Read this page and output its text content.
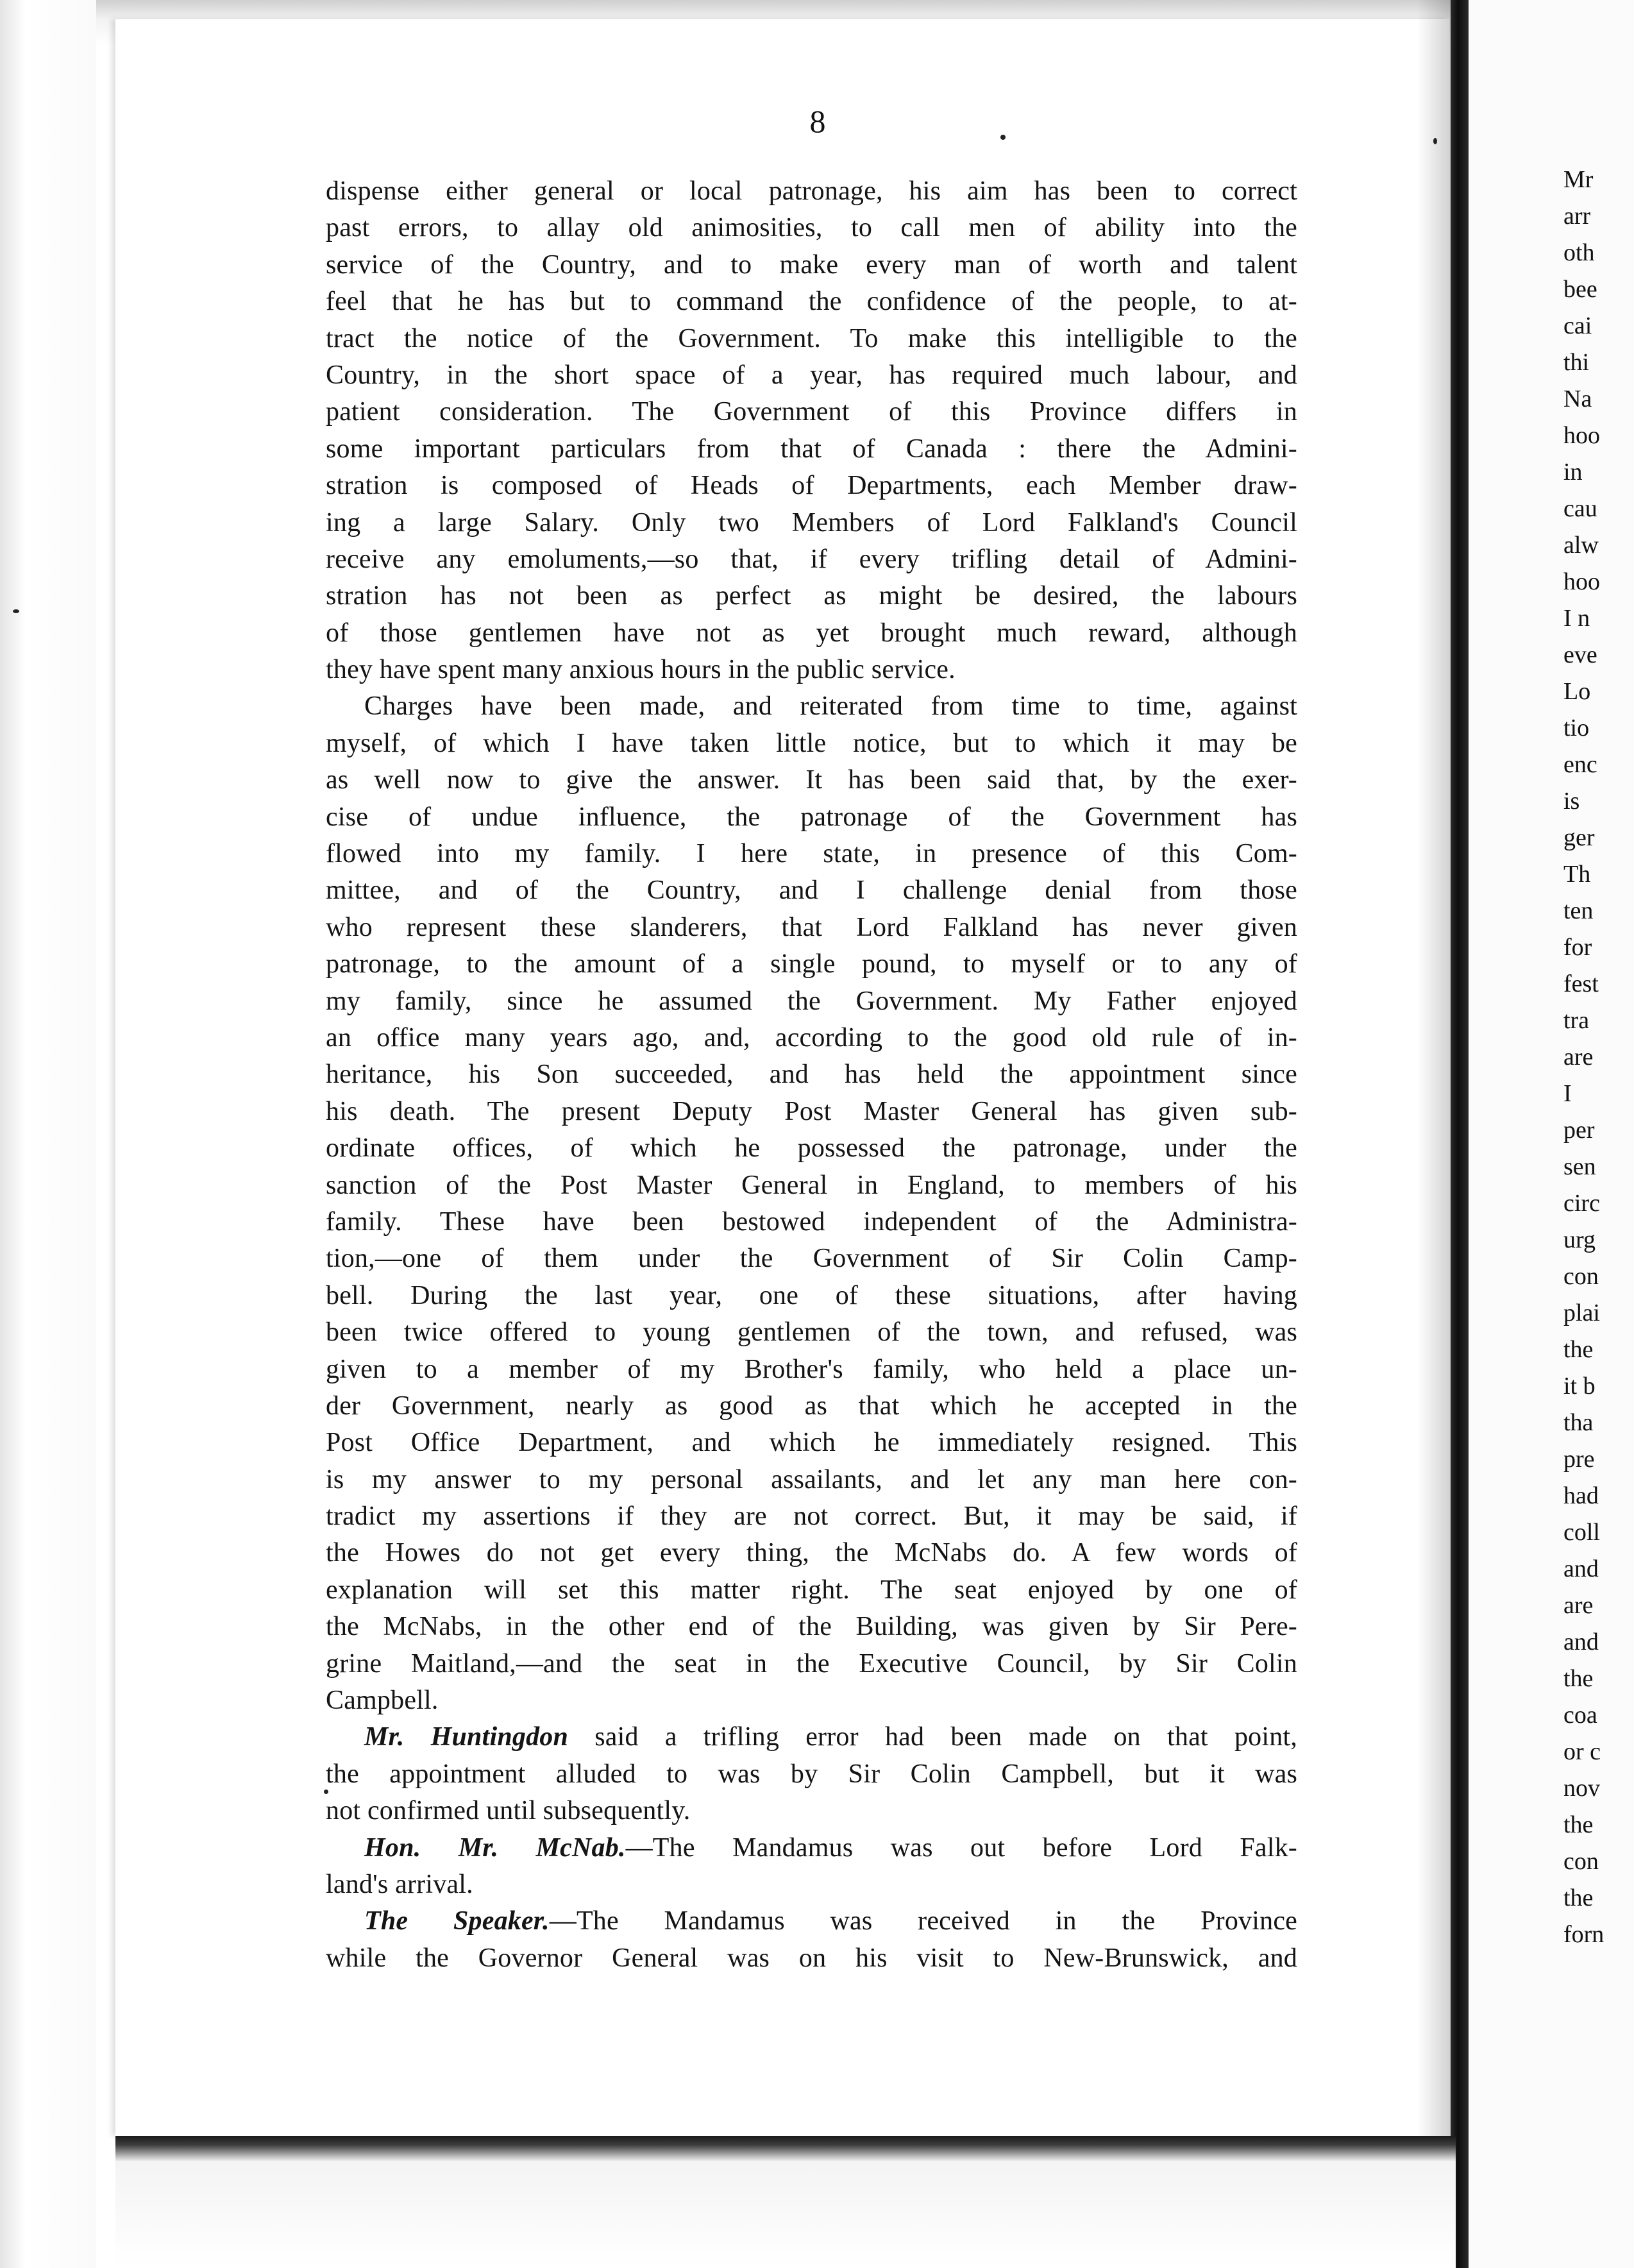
8
dispense either general or local patronage, his aim has been to correct
past errors, to allay old animosities, to call men of ability into the
service of the Country, and to make every man of worth and talent
feel that he has but to command the confidence of the people, to at-
tract the notice of the Government. To make this intelligible to the
Country, in the short space of a year, has required much labour, and
patient consideration. The Government of this Province differs in
some important particulars from that of Canada : there the Admini-
stration is composed of Heads of Departments, each Member draw-
ing a large Salary. Only two Members of Lord Falkland's Council
receive any emoluments,—so that, if every trifling detail of Admini-
stration has not been as perfect as might be desired, the labours
of those gentlemen have not as yet brought much reward, although
they have spent many anxious hours in the public service.
Charges have been made, and reiterated from time to time, against
myself, of which I have taken little notice, but to which it may be
as well now to give the answer. It has been said that, by the exer-
cise of undue influence, the patronage of the Government has
flowed into my family. I here state, in presence of this Com-
mittee, and of the Country, and I challenge denial from those
who represent these slanderers, that Lord Falkland has never given
patronage, to the amount of a single pound, to myself or to any of
my family, since he assumed the Government. My Father enjoyed
an office many years ago, and, according to the good old rule of in-
heritance, his Son succeeded, and has held the appointment since
his death. The present Deputy Post Master General has given sub-
ordinate offices, of which he possessed the patronage, under the
sanction of the Post Master General in England, to members of his
family. These have been bestowed independent of the Administra-
tion,—one of them under the Government of Sir Colin Camp-
bell. During the last year, one of these situations, after having
been twice offered to young gentlemen of the town, and refused, was
given to a member of my Brother's family, who held a place un-
der Government, nearly as good as that which he accepted in the
Post Office Department, and which he immediately resigned. This
is my answer to my personal assailants, and let any man here con-
tradict my assertions if they are not correct. But, it may be said, if
the Howes do not get every thing, the McNabs do. A few words of
explanation will set this matter right. The seat enjoyed by one of
the McNabs, in the other end of the Building, was given by Sir Pere-
grine Maitland,—and the seat in the Executive Council, by Sir Colin
Campbell.
Mr. Huntingdon said a trifling error had been made on that point,
the appointment alluded to was by Sir Colin Campbell, but it was
not confirmed until subsequently.
Hon. Mr. McNab.—The Mandamus was out before Lord Falk-
land's arrival.
The Speaker.—The Mandamus was received in the Province
while the Governor General was on his visit to New-Brunswick, and
Mr
arr
oth
bee
cai
thi
Na
hoo
in
cau
alw
hoo
I n
eve
Lo
tio
enc
is
ger
Th
ten
for
fest
tra
are
I
per
sen
circ
urg
con
plai
the
it b
tha
pre
had
coll
and
are
and
the
coa
or c
nov
the
con
the
forn
